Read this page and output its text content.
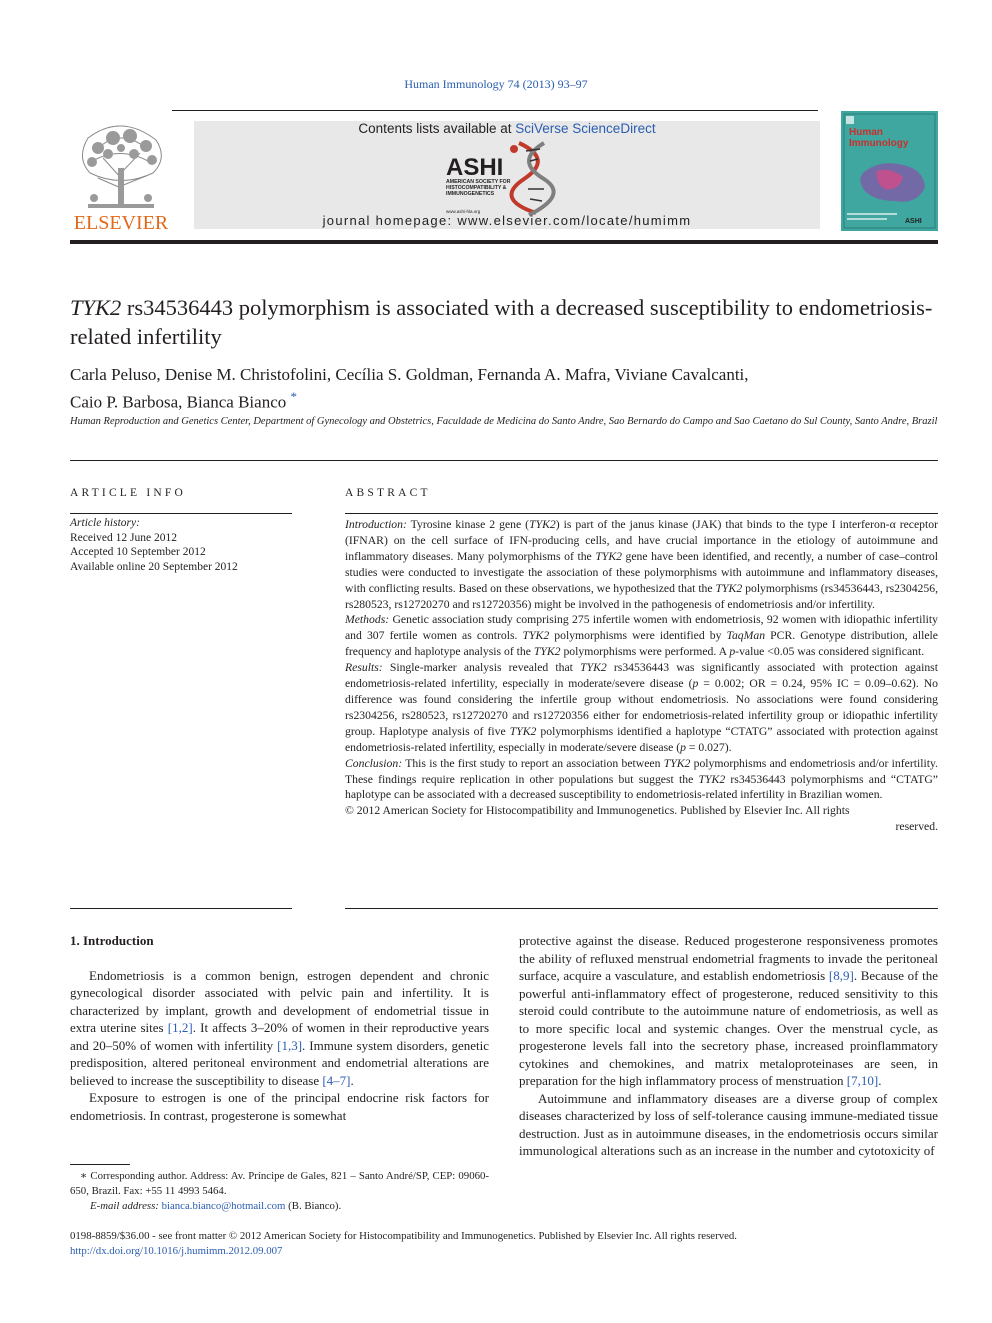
Human Immunology 74 (2013) 93–97
ELSEVIER
Contents lists available at SciVerse ScienceDirect
ASHI
AMERICAN SOCIETY FOR HISTOCOMPATIBILITY & IMMUNOGENETICS
www.ashi-hla.org
journal homepage: www.elsevier.com/locate/humimm
Human
Immunology
ASHI
TYK2 rs34536443 polymorphism is associated with a decreased susceptibility to endometriosis-related infertility
Carla Peluso, Denise M. Christofolini, Cecília S. Goldman, Fernanda A. Mafra, Viviane Cavalcanti,
Caio P. Barbosa, Bianca Bianco *
Human Reproduction and Genetics Center, Department of Gynecology and Obstetrics, Faculdade de Medicina do Santo Andre, Sao Bernardo do Campo and Sao Caetano do Sul County, Santo Andre, Brazil
ARTICLE INFO
Article history:
Received 12 June 2012
Accepted 10 September 2012
Available online 20 September 2012
ABSTRACT

Introduction: Tyrosine kinase 2 gene (TYK2) is part of the janus kinase (JAK) that binds to the type I interferon-α receptor (IFNAR) on the cell surface of IFN-producing cells, and have crucial importance in the etiology of autoimmune and inflammatory diseases. Many polymorphisms of the TYK2 gene have been identified, and recently, a number of case–control studies were conducted to investigate the association of these polymorphisms with autoimmune and inflammatory diseases, with conflicting results. Based on these observations, we hypothesized that the TYK2 polymorphisms (rs34536443, rs2304256, rs280523, rs12720270 and rs12720356) might be involved in the pathogenesis of endometriosis and/or infertility.

Methods: Genetic association study comprising 275 infertile women with endometriosis, 92 women with idiopathic infertility and 307 fertile women as controls. TYK2 polymorphisms were identified by TaqMan PCR. Genotype distribution, allele frequency and haplotype analysis of the TYK2 polymorphisms were performed. A p-value <0.05 was considered significant.

Results: Single-marker analysis revealed that TYK2 rs34536443 was significantly associated with protection against endometriosis-related infertility, especially in moderate/severe disease (p = 0.002; OR = 0.24, 95% IC = 0.09–0.62). No difference was found considering the infertile group without endometriosis. No associations were found considering rs2304256, rs280523, rs12720270 and rs12720356 either for endometriosis-related infertility group or idiopathic infertility group. Haplotype analysis of five TYK2 polymorphisms identified a haplotype “CTATG” associated with protection against endometriosis-related infertility, especially in moderate/severe disease (p = 0.027).

Conclusion: This is the first study to report an association between TYK2 polymorphisms and endometriosis and/or infertility. These findings require replication in other populations but suggest the TYK2 rs34536443 polymorphisms and “CTATG” haplotype can be associated with a decreased susceptibility to endometriosis-related infertility in Brazilian women.

© 2012 American Society for Histocompatibility and Immunogenetics. Published by Elsevier Inc. All rights

reserved.

1. Introduction

Endometriosis is a common benign, estrogen dependent and chronic gynecological disorder associated with pelvic pain and infertility. It is characterized by implant, growth and development of endometrial tissue in extra uterine sites [1,2]. It affects 3–20% of women in their reproductive years and 20–50% of women with infertility [1,3]. Immune system disorders, genetic predisposition, altered peritoneal environment and endometrial alterations are believed to increase the susceptibility to disease [4–7].

Exposure to estrogen is one of the principal endocrine risk factors for endometriosis. In contrast, progesterone is somewhat

protective against the disease. Reduced progesterone responsiveness promotes the ability of refluxed menstrual endometrial fragments to invade the peritoneal surface, acquire a vasculature, and establish endometriosis [8,9]. Because of the powerful anti-inflammatory effect of progesterone, reduced sensitivity to this steroid could contribute to the autoimmune nature of endometriosis, as well as to more specific local and systemic changes. Over the menstrual cycle, as progesterone levels fall into the secretory phase, increased proinflammatory cytokines and chemokines, and matrix metaloproteinases are seen, in preparation for the high inflammatory process of menstruation [7,10].

Autoimmune and inflammatory diseases are a diverse group of complex diseases characterized by loss of self-tolerance causing immune-mediated tissue destruction. Just as in autoimmune diseases, in the endometriosis occurs similar immunological alterations such as an increase in the number and cytotoxicity of

∗ Corresponding author. Address: Av. Príncipe de Gales, 821 – Santo André/SP, CEP: 09060-650, Brazil. Fax: +55 11 4993 5464.
E-mail address: bianca.bianco@hotmail.com (B. Bianco).
0198-8859/$36.00 - see front matter © 2012 American Society for Histocompatibility and Immunogenetics. Published by Elsevier Inc. All rights reserved.
http://dx.doi.org/10.1016/j.humimm.2012.09.007
